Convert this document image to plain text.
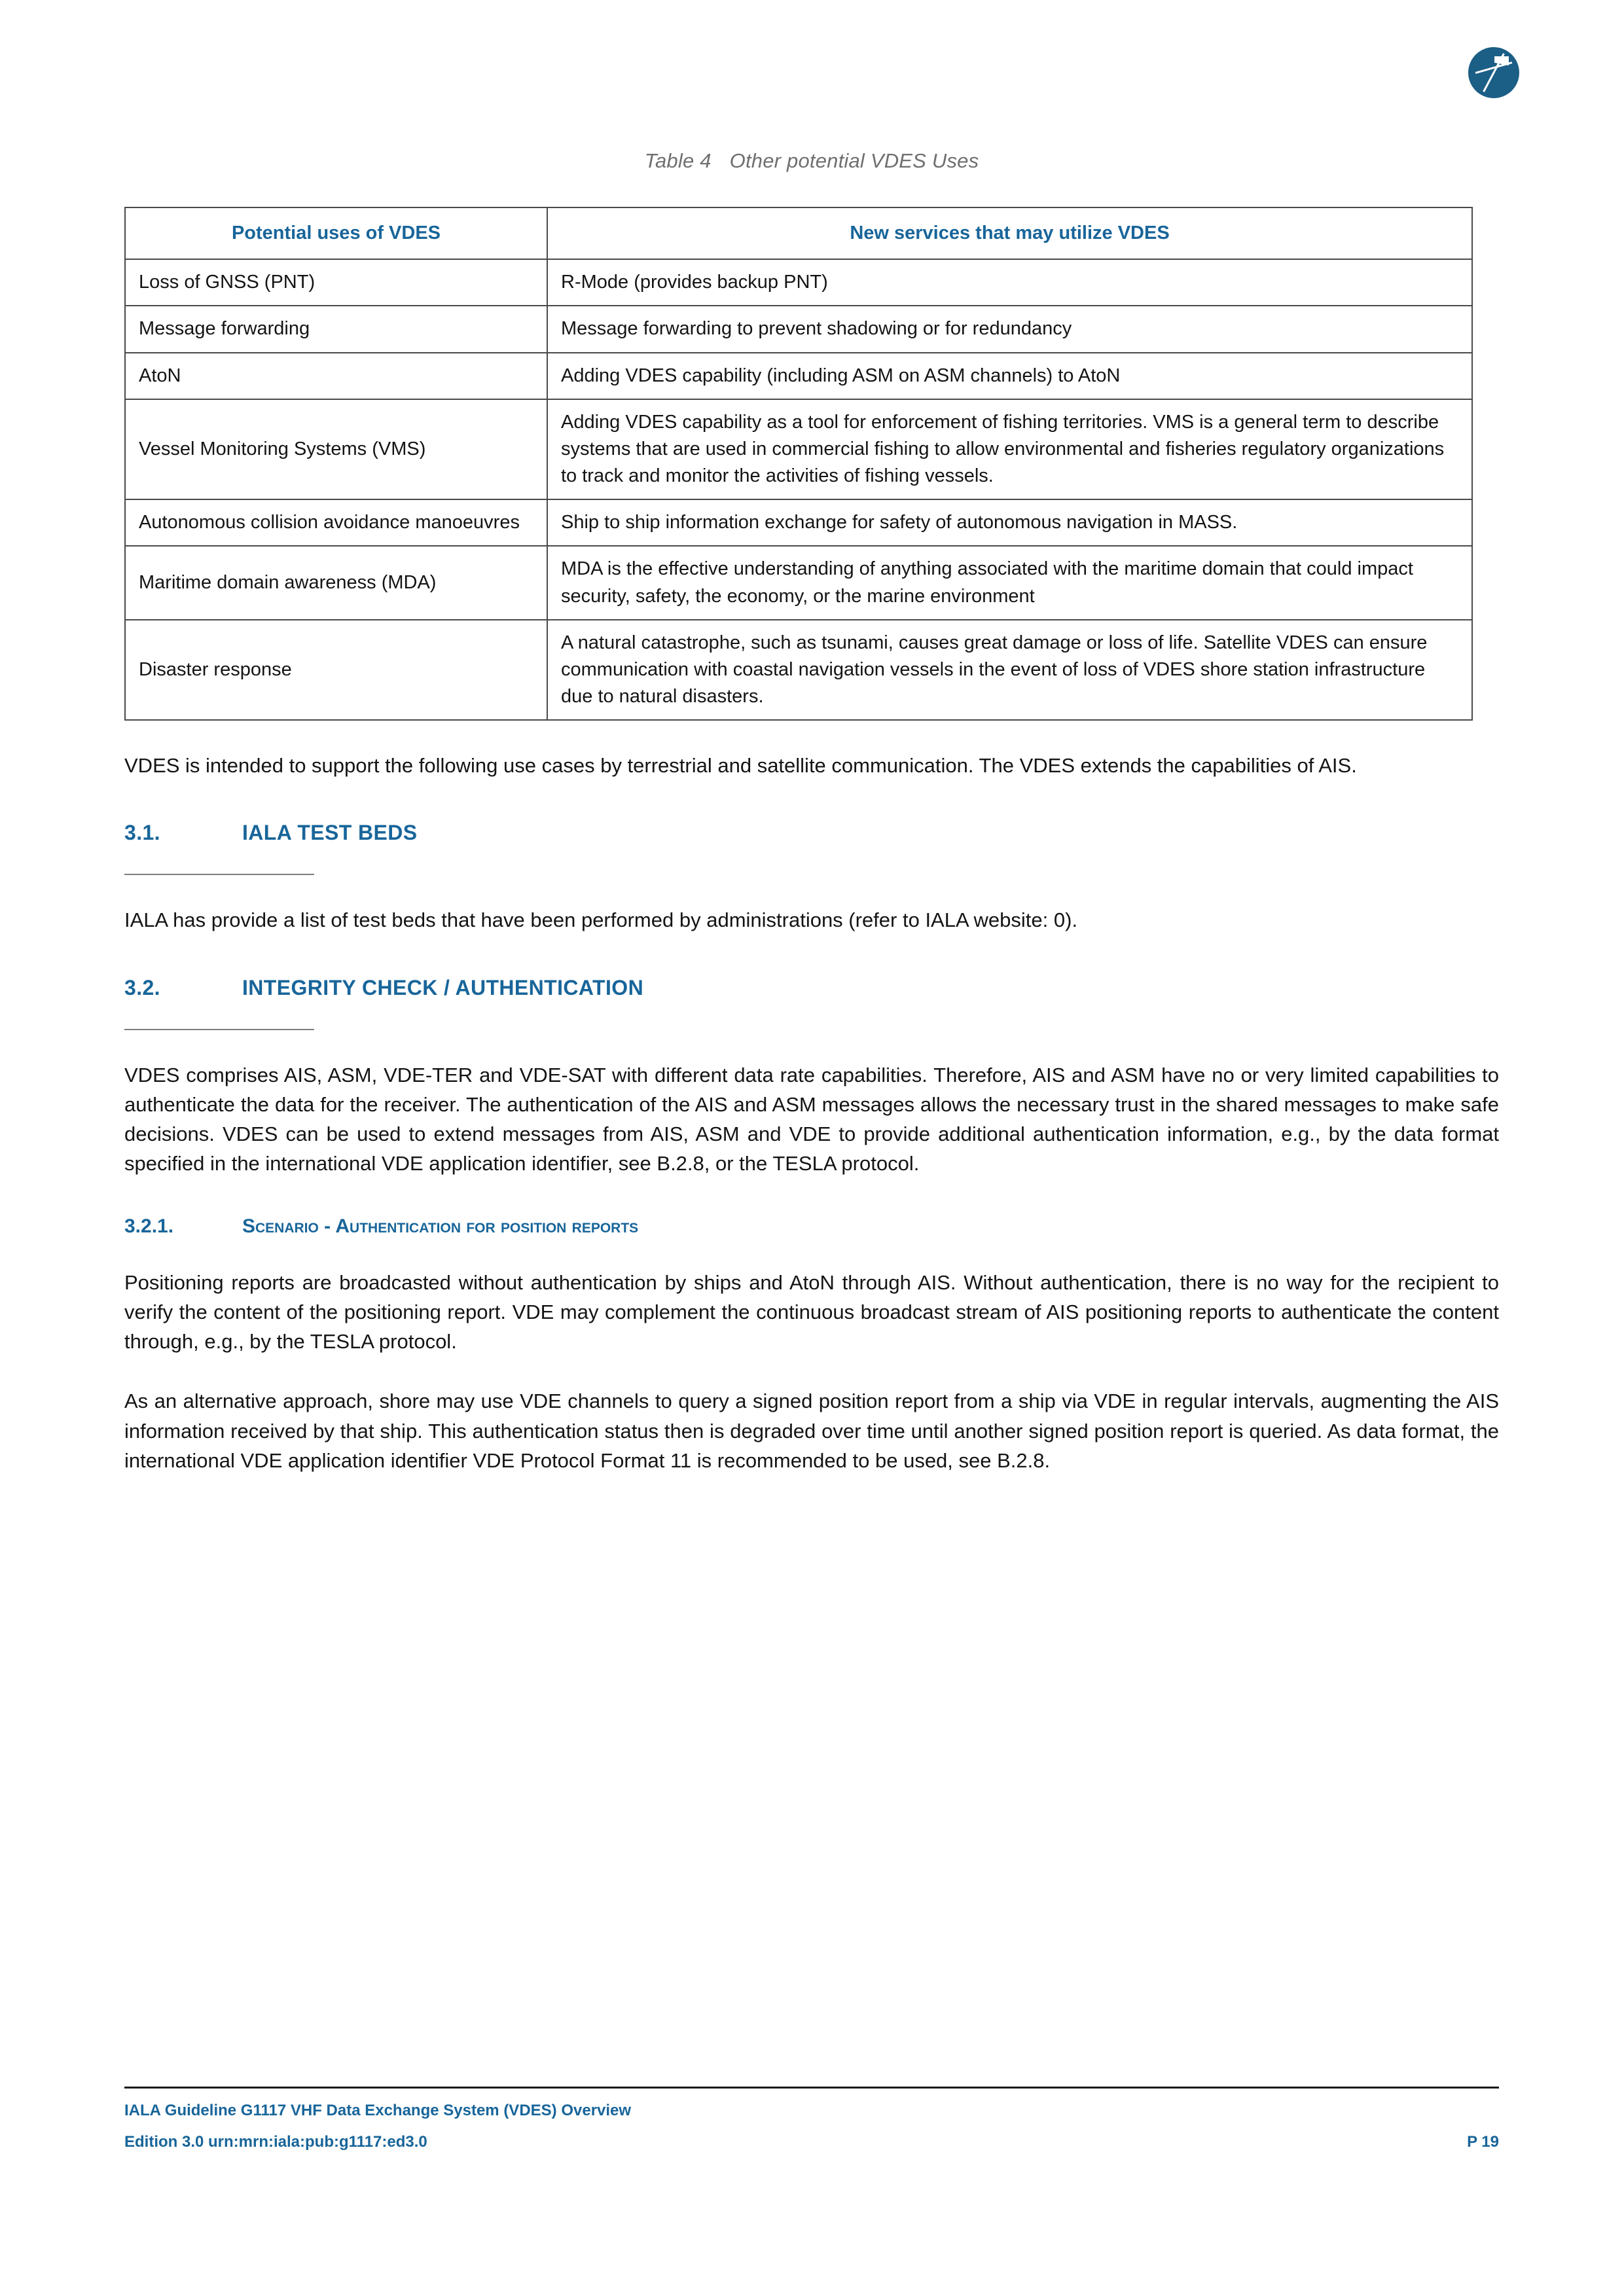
Table 4 Other potential VDES Uses
Potential uses of VDES	New services that may utilize VDES
Loss of GNSS (PNT)	R-Mode (provides backup PNT)
Message forwarding	Message forwarding to prevent shadowing or for redundancy
AtoN	Adding VDES capability (including ASM on ASM channels) to AtoN
Vessel Monitoring Systems (VMS)	Adding VDES capability as a tool for enforcement of fishing territories. VMS is a general term to describe systems that are used in commercial fishing to allow environmental and fisheries regulatory organizations to track and monitor the activities of fishing vessels.
Autonomous collision avoidance manoeuvres	Ship to ship information exchange for safety of autonomous navigation in MASS.
Maritime domain awareness (MDA)	MDA is the effective understanding of anything associated with the maritime domain that could impact security, safety, the economy, or the marine environment
Disaster response	A natural catastrophe, such as tsunami, causes great damage or loss of life. Satellite VDES can ensure communication with coastal navigation vessels in the event of loss of VDES shore station infrastructure due to natural disasters.

VDES is intended to support the following use cases by terrestrial and satellite communication. The VDES extends the capabilities of AIS.

3.1.	IALA TEST BEDS

IALA has provide a list of test beds that have been performed by administrations (refer to IALA website: 0).

3.2.	INTEGRITY CHECK / AUTHENTICATION

VDES comprises AIS, ASM, VDE-TER and VDE-SAT with different data rate capabilities. Therefore, AIS and ASM have no or very limited capabilities to authenticate the data for the receiver. The authentication of the AIS and ASM messages allows the necessary trust in the shared messages to make safe decisions. VDES can be used to extend messages from AIS, ASM and VDE to provide additional authentication information, e.g., by the data format specified in the international VDE application identifier, see B.2.8, or the TESLA protocol.

3.2.1.	Scenario - Authentication for position reports

Positioning reports are broadcasted without authentication by ships and AtoN through AIS. Without authentication, there is no way for the recipient to verify the content of the positioning report. VDE may complement the continuous broadcast stream of AIS positioning reports to authenticate the content through, e.g., by the TESLA protocol.

As an alternative approach, shore may use VDE channels to query a signed position report from a ship via VDE in regular intervals, augmenting the AIS information received by that ship. This authentication status then is degraded over time until another signed position report is queried. As data format, the international VDE application identifier VDE Protocol Format 11 is recommended to be used, see B.2.8.

IALA Guideline G1117 VHF Data Exchange System (VDES) Overview
Edition 3.0 urn:mrn:iala:pub:g1117:ed3.0	P 19
